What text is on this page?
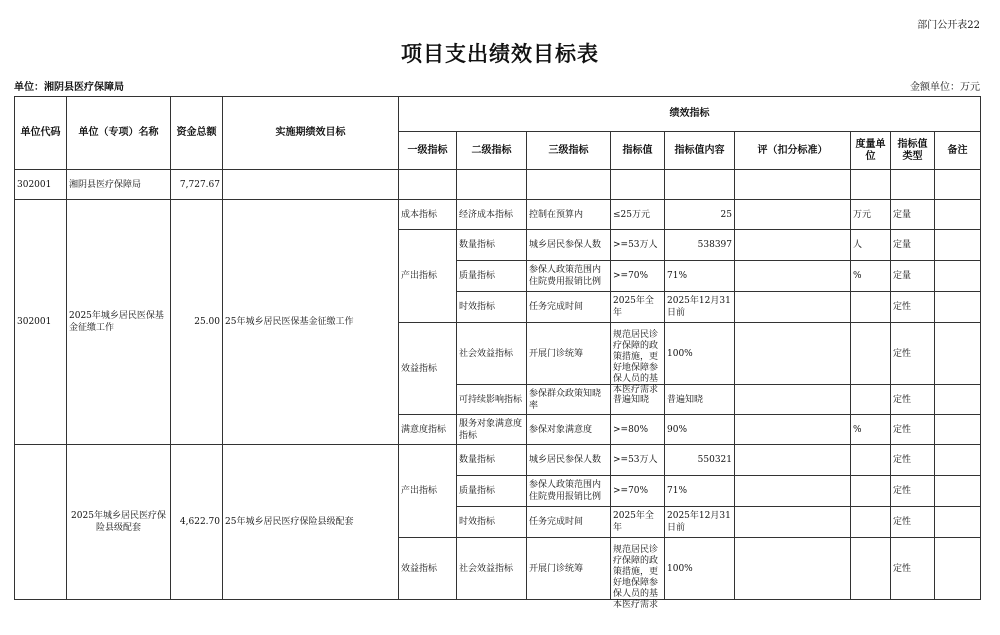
部门公开表22
项目支出绩效目标表
单位：湘阴县医疗保障局	金额单位：万元
单位代码	单位（专项）名称	资金总额	实施期绩效目标	绩效指标								
				一级指标	二级指标	三级指标	指标值	指标值内容	评（扣分标准）	度量单位	指标值类型	备注
302001	湘阴县医疗保障局	7,727.67										
302001	2025年城乡居民医保基金征缴工作	25.00	25年城乡居民医保基金征缴工作	成本指标	经济成本指标	控制在预算内	≤25万元	25		万元	定量	
				产出指标	数量指标	城乡居民参保人数	>=53万人	538397		人	定量	
					质量指标	参保人政策范围内住院费用报销比例	>=70%	71%		%	定量	
					时效指标	任务完成时间	2025年全年	2025年12月31日前			定性	
				效益指标	社会效益指标	开展门诊统筹	规范居民诊疗保障的政策措施，更好地保障参保人员的基本医疗需求	100%			定性	
					可持续影响指标	参保群众政策知晓率	普遍知晓	普遍知晓			定性	
				满意度指标	服务对象满意度指标	参保对象满意度	>=80%	90%		%	定性	
	2025年城乡居民医疗保险县级配套	4,622.70	25年城乡居民医疗保险县级配套	产出指标	数量指标	城乡居民参保人数	>=53万人	550321			定性	
					质量指标	参保人政策范围内住院费用报销比例	>=70%	71%			定性	
					时效指标	任务完成时间	2025年全年	2025年12月31日前			定性	
				效益指标	社会效益指标	开展门诊统筹	规范居民诊疗保障的政策措施，更好地保障参保人员的基本医疗需求	100%			定性	
